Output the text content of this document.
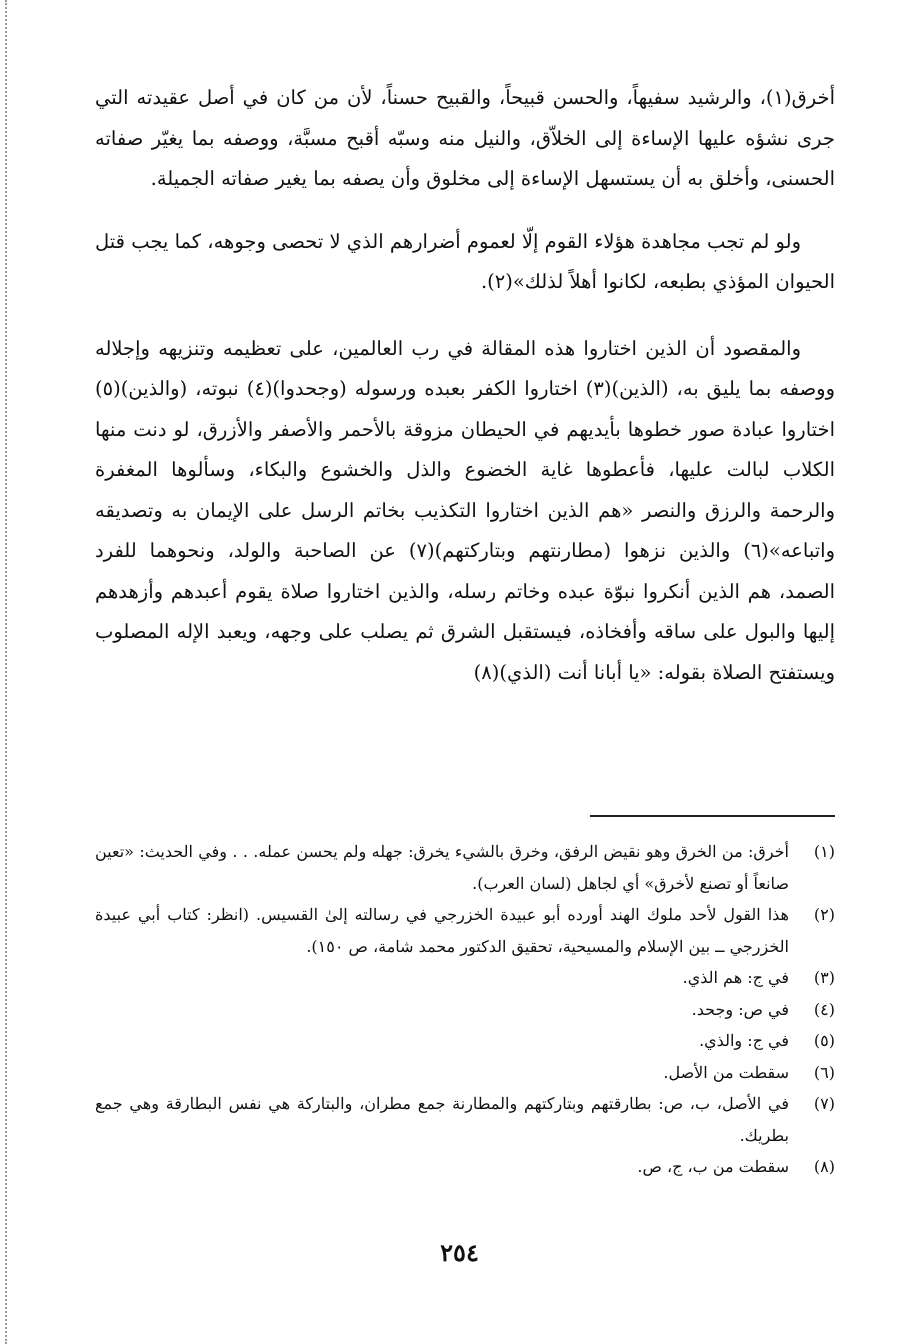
أخرق(١)، والرشيد سفيهاً، والحسن قبيحاً، والقبيح حسناً، لأن من كان في أصل عقيدته التي جرى نشؤه عليها الإساءة إلى الخلاّق، والنيل منه وسبّه أقبح مسبَّة، ووصفه بما يغيّر صفاته الحسنى، وأخلق به أن يستسهل الإساءة إلى مخلوق وأن يصفه بما يغير صفاته الجميلة.

ولو لم تجب مجاهدة هؤلاء القوم إلّا لعموم أضرارهم الذي لا تحصى وجوهه، كما يجب قتل الحيوان المؤذي بطبعه، لكانوا أهلاً لذلك»(٢).

والمقصود أن الذين اختاروا هذه المقالة في رب العالمين، على تعظيمه وتنزيهه وإجلاله ووصفه بما يليق به، (الذين)(٣) اختاروا الكفر بعبده ورسوله (وجحدوا)(٤) نبوته، (والذين)(٥) اختاروا عبادة صور خطوها بأيديهم في الحيطان مزوقة بالأحمر والأصفر والأزرق، لو دنت منها الكلاب لبالت عليها، فأعطوها غاية الخضوع والذل والخشوع والبكاء، وسألوها المغفرة والرحمة والرزق والنصر «هم الذين اختاروا التكذيب بخاتم الرسل على الإيمان به وتصديقه واتباعه»(٦) والذين نزهوا (مطارنتهم وبتاركتهم)(٧) عن الصاحبة والولد، ونحوهما للفرد الصمد، هم الذين أنكروا نبوّة عبده وخاتم رسله، والذين اختاروا صلاة يقوم أعبدهم وأزهدهم إليها والبول على ساقه وأفخاذه، فيستقبل الشرق ثم يصلب على وجهه، ويعبد الإله المصلوب ويستفتح الصلاة بقوله: «يا أبانا أنت (الذي)(٨)

(١)
أخرق: من الخرق وهو نقيض الرفق، وخرق بالشيء يخرق: جهله ولم يحسن عمله. . . وفي الحديث: «تعين صانعاً أو تصنع لأخرق» أي لجاهل (لسان العرب).
(٢)
هذا القول لأحد ملوك الهند أورده أبو عبيدة الخزرجي في رسالته إلىٰ القسيس. (انظر: كتاب أبي عبيدة الخزرجي ــ بين الإسلام والمسيحية، تحقيق الدكتور محمد شامة، ص ١٥٠).
(٣)
في ج: هم الذي.
(٤)
في ص: وجحد.
(٥)
في ج: والذي.
(٦)
سقطت من الأصل.
(٧)
في الأصل، ب، ص: بطارقتهم وبتاركتهم والمطارنة جمع مطران، والبتاركة هي نفس البطارقة وهي جمع بطريك.
(٨)
سقطت من ب، ج، ص.
٢٥٤
